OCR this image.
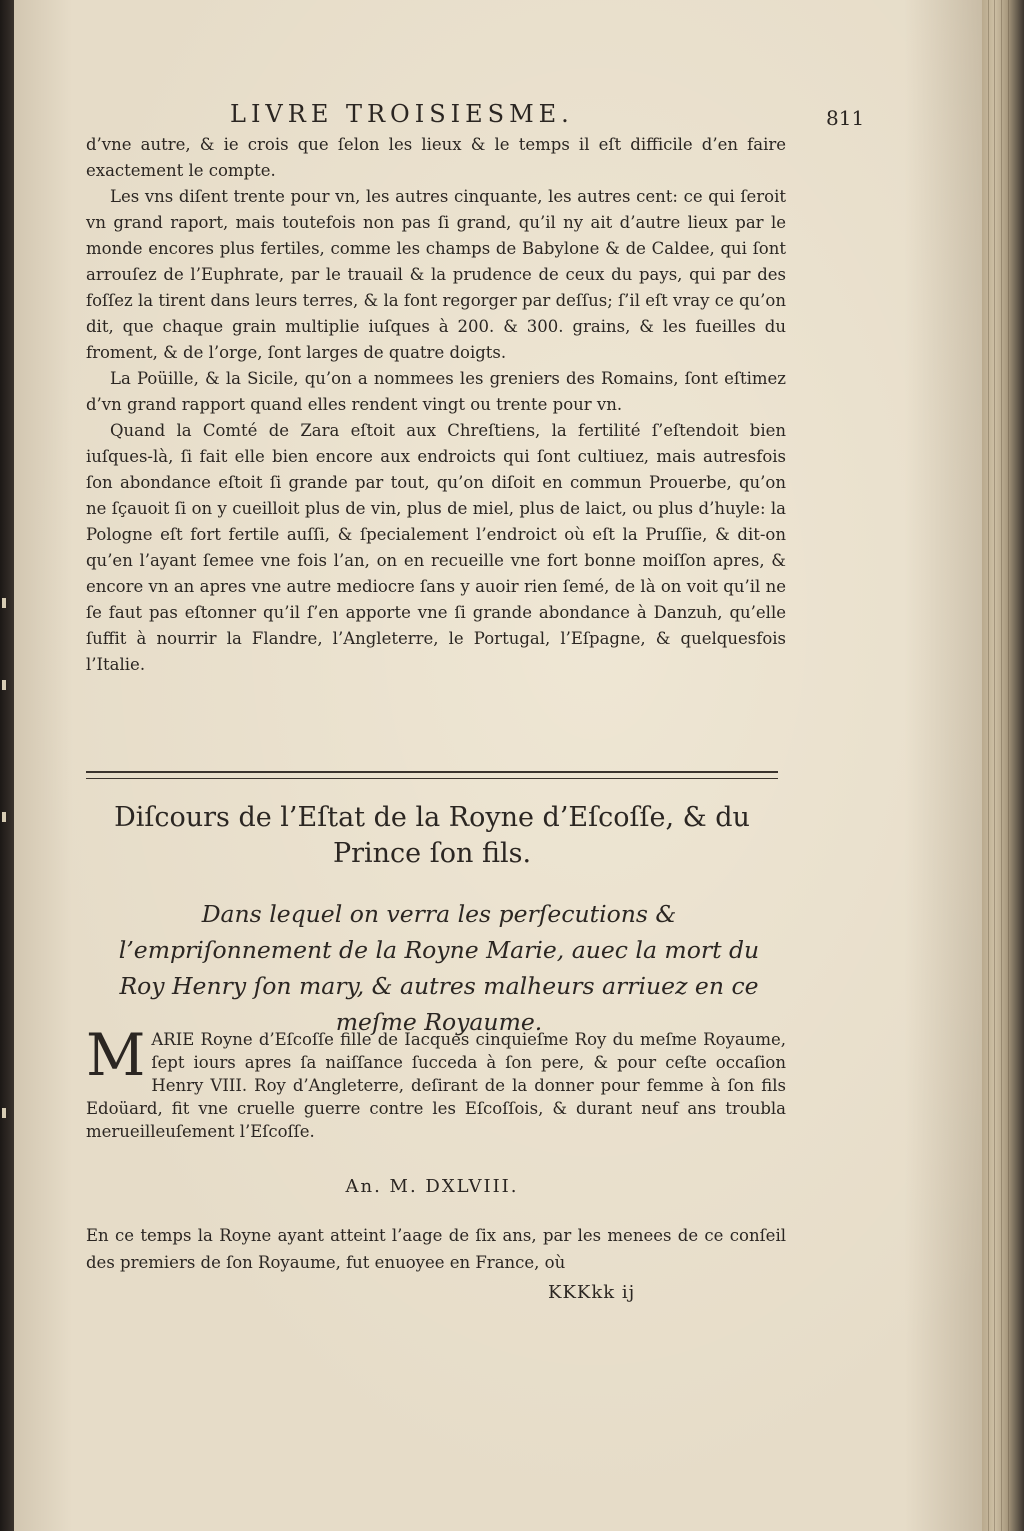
LIVRE TROISIESME.	811

d’vne autre, & ie crois que ſelon les lieux & le temps il eſt difficile d’en faire exactement le compte.

Les vns diſent trente pour vn, les autres cinquante, les autres cent: ce qui ſeroit vn grand raport, mais toutefois non pas ſi grand, qu’il ny ait d’autre lieux par le monde encores plus fertiles, comme les champs de Babylone & de Caldee, qui ſont arrouſez de l’Euphrate, par le trauail & la prudence de ceux du pays, qui par des foſſez la tirent dans leurs terres, & la font regorger par deſſus; ſ’il eſt vray ce qu’on dit, que chaque grain multiplie iuſques à 200. & 300. grains, & les fueilles du froment, & de l’orge, ſont larges de quatre doigts.

La Poüille, & la Sicile, qu’on a nommees les greniers des Romains, ſont eſtimez d’vn grand rapport quand elles rendent vingt ou trente pour vn.

Quand la Comté de Zara eſtoit aux Chreſtiens, la fertilité ſ’eſtendoit bien iuſques-là, ſi fait elle bien encore aux endroicts qui ſont cultiuez, mais autresfois ſon abondance eſtoit ſi grande par tout, qu’on diſoit en commun Prouerbe, qu’on ne ſçauoit ſi on y cueilloit plus de vin, plus de miel, plus de laict, ou plus d’huyle: la Pologne eſt fort fertile auſſi, & ſpecialement l’endroict où eſt la Pruſſie, & dit-on qu’en l’ayant ſemee vne fois l’an, on en recueille vne fort bonne moiſſon apres, & encore vn an apres vne autre mediocre ſans y auoir rien ſemé, de là on voit qu’il ne ſe faut pas eſtonner qu’il ſ’en apporte vne ſi grande abondance à Danzuh, qu’elle ſuffit à nourrir la Flandre, l’Angleterre, le Portugal, l’Eſpagne, & quelquesfois l’Italie.

Diſcours de l’Eſtat de la Royne d’Eſcoſſe, & du Prince ſon fils.
Dans lequel on verra les perſecutions & l’empriſonnement de la Royne Marie, auec la mort du Roy Henry ſon mary, & autres malheurs arriuez en ce meſme Royaume.
M ARIE Royne d’Eſcoſſe fille de Iacques cinquieſme Roy du meſme Royaume, ſept iours apres ſa naiſſance ſucceda à ſon pere, & pour ceſte occaſion Henry VIII. Roy d’Angleterre, deſirant de la donner pour femme à ſon fils Edoüard, fit vne cruelle guerre contre les Eſcoſſois, & durant neuf ans troubla merueilleuſement l’Eſcoſſe.
An. M. DXLVIII.

En ce temps la Royne ayant atteint l’aage de ſix ans, par les menees de ce conſeil des premiers de ſon Royaume, fut enuoyee en France, où

KKKkk ij
